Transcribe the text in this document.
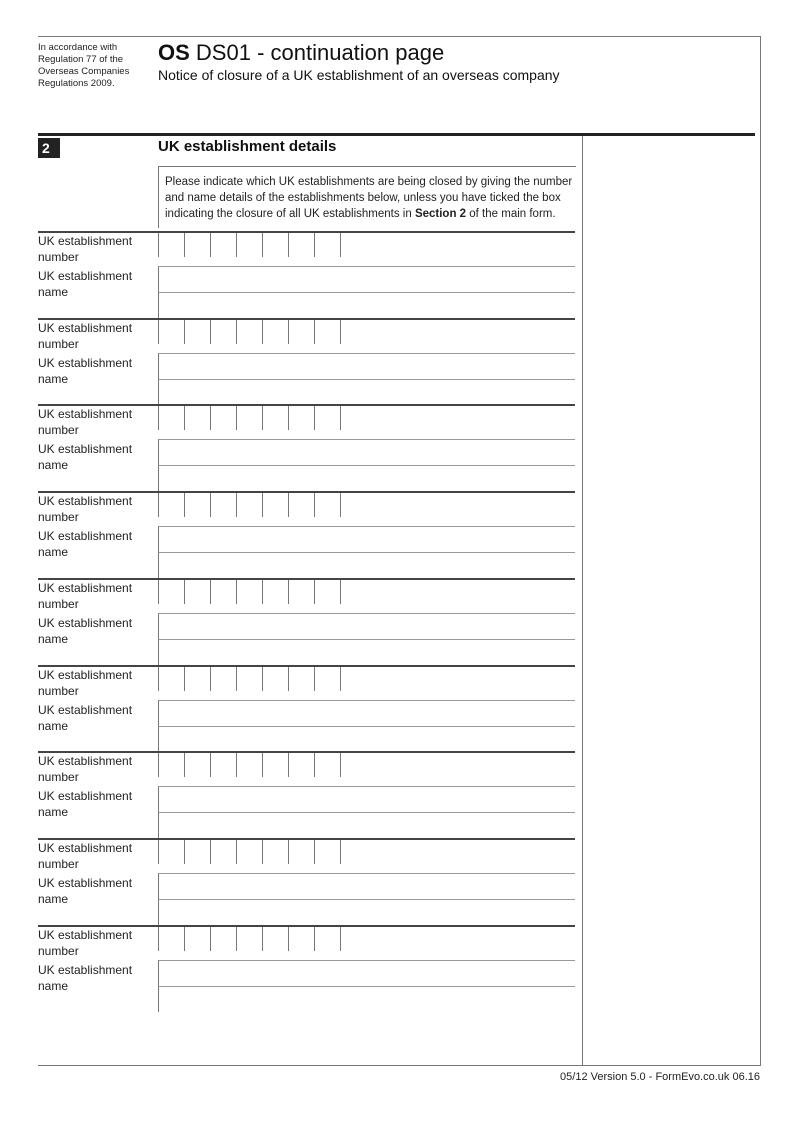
In accordance with
Regulation 77 of the
Overseas Companies
Regulations 2009.
OS DS01 - continuation page
Notice of closure of a UK establishment of an overseas company
2	UK establishment details
Please indicate which UK establishments are being closed by giving the number and name details of the establishments below, unless you have ticked the box indicating the closure of all UK establishments in Section 2 of the main form.
UK establishment number
UK establishment name
UK establishment number
UK establishment name
UK establishment number
UK establishment name
UK establishment number
UK establishment name
UK establishment number
UK establishment name
UK establishment number
UK establishment name
UK establishment number
UK establishment name
UK establishment number
UK establishment name
UK establishment number
UK establishment name
05/12 Version 5.0 - FormEvo.co.uk 06.16
